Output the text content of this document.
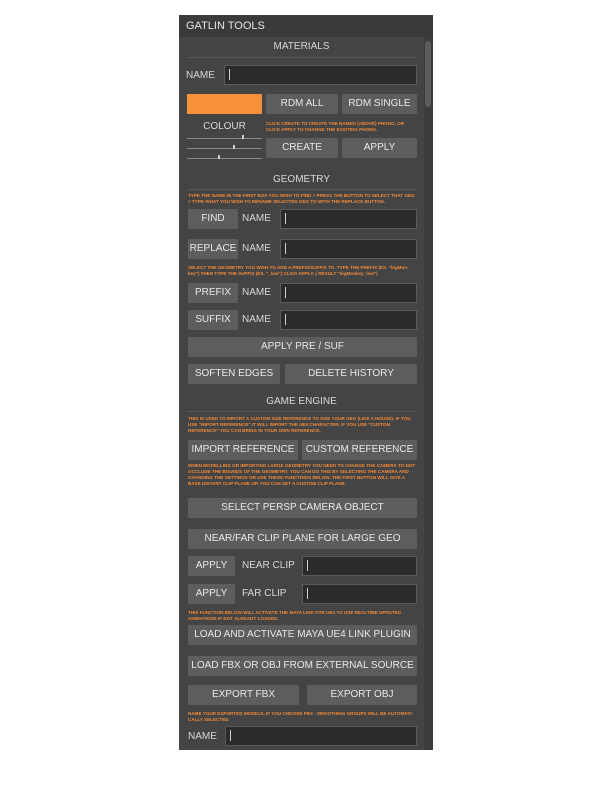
GATLIN TOOLS
MATERIALS
NAME
RDM ALL	RDM SINGLE
COLOUR	CLICK CREATE TO CREATE THE NAMED (ABOVE) PHONG, OR CLICK APPLY TO CHANGE THE EXISTING PHONG.
CREATE	APPLY
GEOMETRY
TYPE THE NAME IN THE FIRST BOX YOU WISH TO FIND > PRESS THE BUTTON TO SELECT THAT GEO > TYPE WHAT YOU WISH TO RENAME SELECTED GEO TO WITH THE REPLACE BUTTON.
FIND	NAME
REPLACE NAME
SELECT THE GEOMETRY YOU WISH TO ADD A PREFIX/SUFFIX TO. TYPE THE PREFIX (EX. "bigMan-key") THEN TYPE THE SUFFIX (EX. "_low") CLICK APPLY. ( RESULT "bigMonkey_low")
PREFIX	NAME
SUFFIX	NAME
APPLY PRE / SUF
SOFTEN EDGES	DELETE HISTORY
GAME ENGINE
THIS IS USED TO IMPORT A CUSTOM SIZE REFERENCE TO SIZE YOUR GEO (LIKE A HOUSE). IF YOU USE "IMPORT REFERENCE" IT WILL IMPORT THE UE4 CHARACTER. IF YOU USE "CUSTOM REFERENCE" YOU CAN BRING IN YOUR OWN REFERENCE.
IMPORT REFERENCE	CUSTOM REFERENCE
WHEN MODELLING OR IMPORTING LARGE GEOMETRY YOU NEED TO CHANGE THE CAMERA TO NOT OCCLUDE THE BOUNDS OF THE GEOMETRY. YOU CAN DO THIS BY SELECTING THE CAMERA AND CHANGING THE SETTINGS OR USE THESE FUNCTINOS BELOW. THE FIRST BUTTON WILL GIVE A BASE DISTANT CLIP PLANE OR YOU CAN SET A CUSTOM CLIP PLANE.
SELECT PERSP CAMERA OBJECT
NEAR/FAR CLIP PLANE FOR LARGE GEO
APPLY	NEAR CLIP
APPLY	FAR CLIP
THIS FUNCTION BELOW WILL ACTIVATE THE MAYA LINK FOR UE4 TO USE REALTIME UPDATED ANIMATIONS IF NOT ALREADY LOADED.
LOAD AND ACTIVATE MAYA UE4 LINK PLUGIN
LOAD FBX OR OBJ FROM EXTERNAL SOURCE
EXPORT FBX	EXPORT OBJ
NAME YOUR EXPORTED MODELS, IF YOU CHOOSE FBX - SMOOTHING GROUPS WILL BE AUTOMATI-CALLY SELECTED
NAME
